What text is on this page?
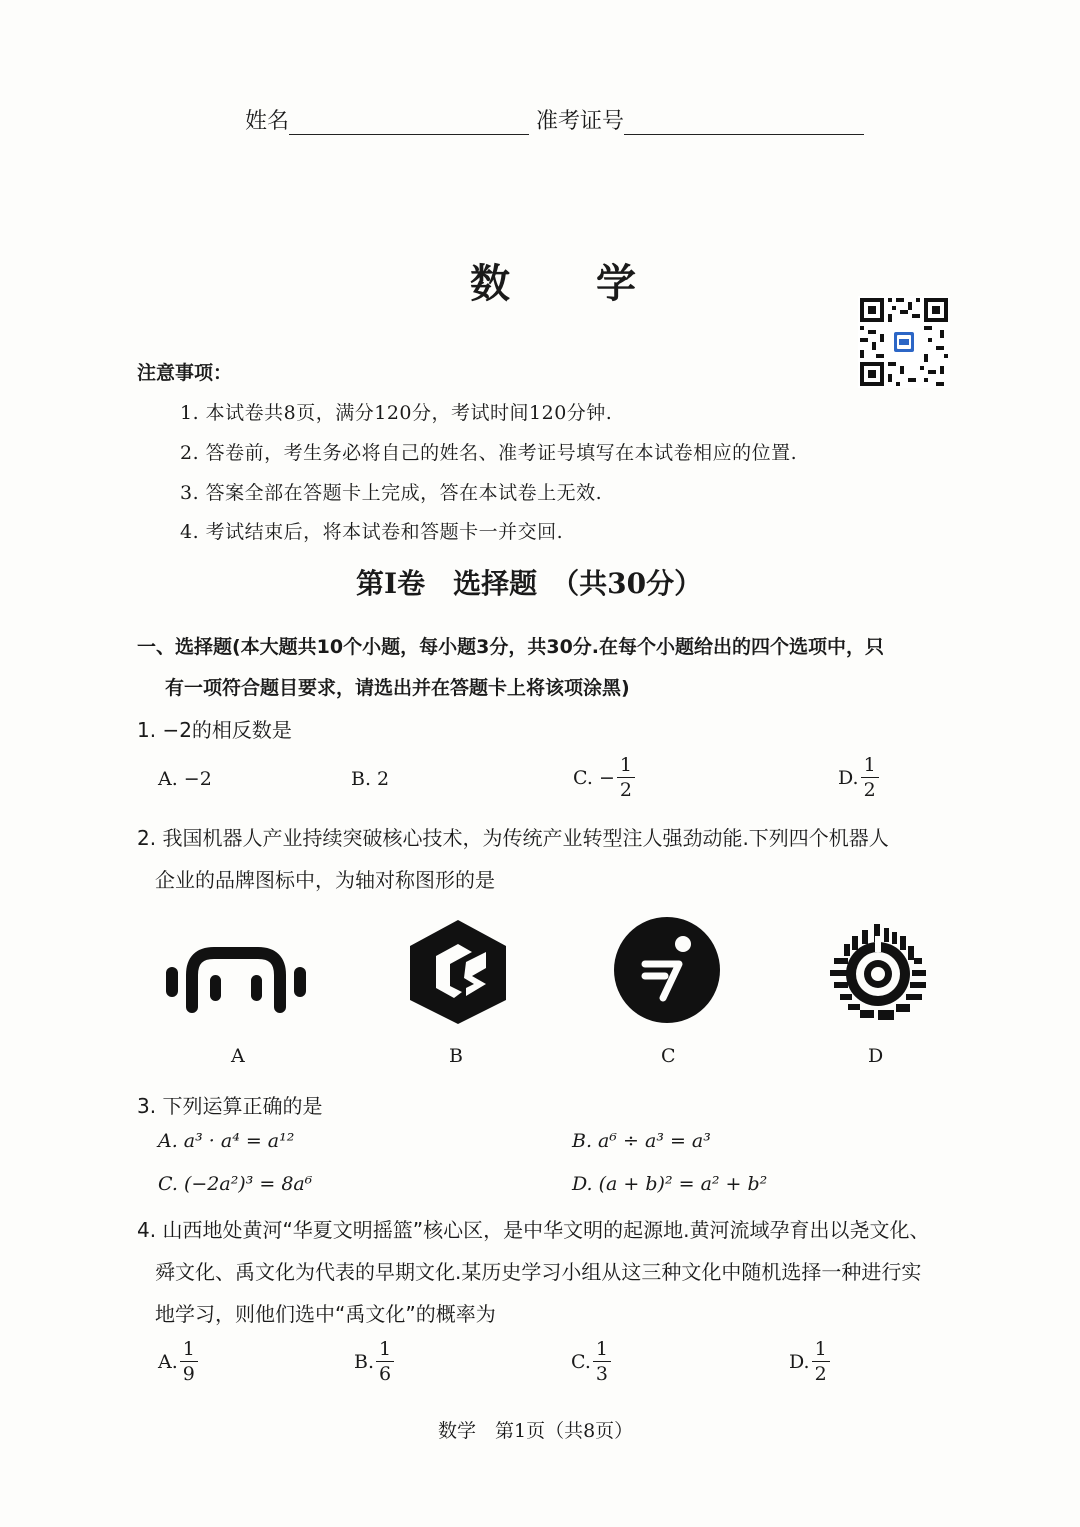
姓名	准考证号
数　　学
注意事项：
1. 本试卷共8页，满分120分，考试时间120分钟.
2. 答卷前，考生务必将自己的姓名、准考证号填写在本试卷相应的位置.
3. 答案全部在答题卡上完成，答在本试卷上无效.
4. 考试结束后，将本试卷和答题卡一并交回.
第Ⅰ卷　选择题　（共30分）
一、选择题(本大题共10个小题，每小题3分，共30分.在每个小题给出的四个选项中，只
有一项符合题目要求，请选出并在答题卡上将该项涂黑)
1. −2的相反数是
A. −2	B. 2	C. − $\frac{1}{2}$	D. $\frac{1}{2}$
2. 我国机器人产业持续突破核心技术，为传统产业转型注人强劲动能.下列四个机器人
企业的品牌图标中，为轴对称图形的是
A	B	C	D
3. 下列运算正确的是
A. a³ · a⁴ = a¹²	B. a⁶ ÷ a³ = a³
C. (−2a²)³ = 8a⁶	D. (a + b)² = a² + b²
4. 山西地处黄河“华夏文明摇篮”核心区，是中华文明的起源地.黄河流域孕育出以尧文化、
舜文化、禹文化为代表的早期文化.某历史学习小组从这三种文化中随机选择一种进行实
地学习，则他们选中“禹文化”的概率为
A. $\frac{1}{9}$	B. $\frac{1}{6}$	C. $\frac{1}{3}$	D. $\frac{1}{2}$
数学　第1页（共8页）
